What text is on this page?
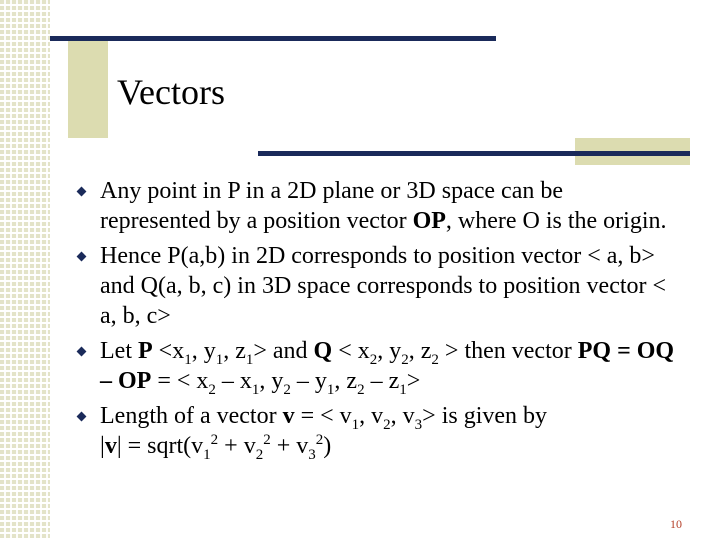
Vectors
Any point in P in a 2D plane or 3D space can be represented by a position vector OP, where O is the origin.
Hence P(a,b) in 2D corresponds to position vector < a, b> and Q(a, b, c) in 3D space corresponds to position vector < a, b, c>
Let $P <x_1$, $y_1$, $z_1>$ and $Q < x_2$, $y_2$, $z_2$ > then vector PQ = OQ – OP = < $x_2 - x_1$, $y_2 - y_1$, $z_2 - z_1>$
Length of a vector v = < $v_1$, $v_2$, $v_3>$ is given by
$|v| = sqrt(v_1^2 + v_2^2 + v_3^2)$
10
